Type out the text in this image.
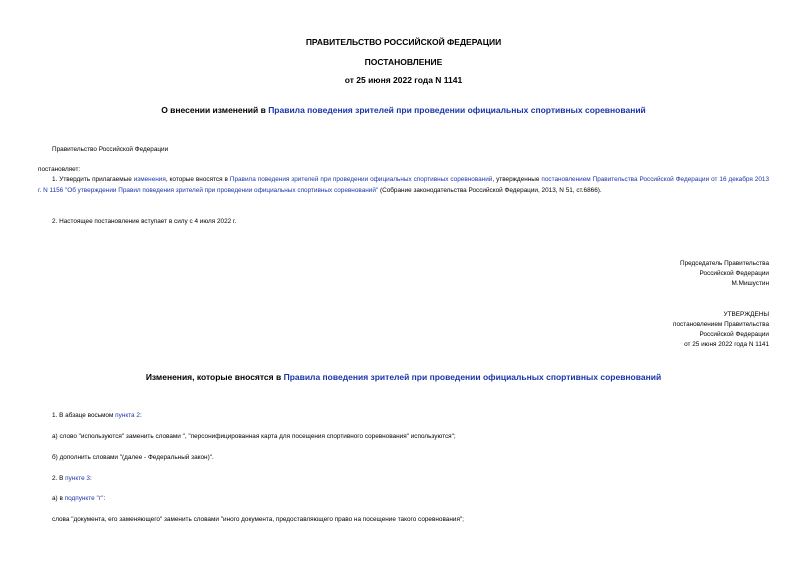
ПРАВИТЕЛЬСТВО РОССИЙСКОЙ ФЕДЕРАЦИИ
ПОСТАНОВЛЕНИЕ
от 25 июня 2022 года N 1141
О внесении изменений в Правила поведения зрителей при проведении официальных спортивных соревнований
Правительство Российской Федерации
постановляет:
1. Утвердить прилагаемые изменения, которые вносятся в Правила поведения зрителей при проведении официальных спортивных соревнований, утвержденные постановлением Правительства Российской Федерации от 16 декабря 2013 г. N 1156 "Об утверждении Правил поведения зрителей при проведении официальных спортивных соревнований" (Собрание законодательства Российской Федерации, 2013, N 51, ст.6866).
2. Настоящее постановление вступает в силу с 4 июля 2022 г.
Председатель Правительства
Российской Федерации
М.Мишустин
УТВЕРЖДЕНЫ
постановлением Правительства
Российской Федерации
от 25 июня 2022 года N 1141
Изменения, которые вносятся в Правила поведения зрителей при проведении официальных спортивных соревнований
1. В абзаце восьмом пункта 2:
а) слово "используются" заменить словами ", "персонифицированная карта для посещения спортивного соревнования" используются";
б) дополнить словами "(далее - Федеральный закон)".
2. В пункте 3:
а) в подпункте "г":
слова "документа, его заменяющего" заменить словами "иного документа, предоставляющего право на посещение такого соревнования";
